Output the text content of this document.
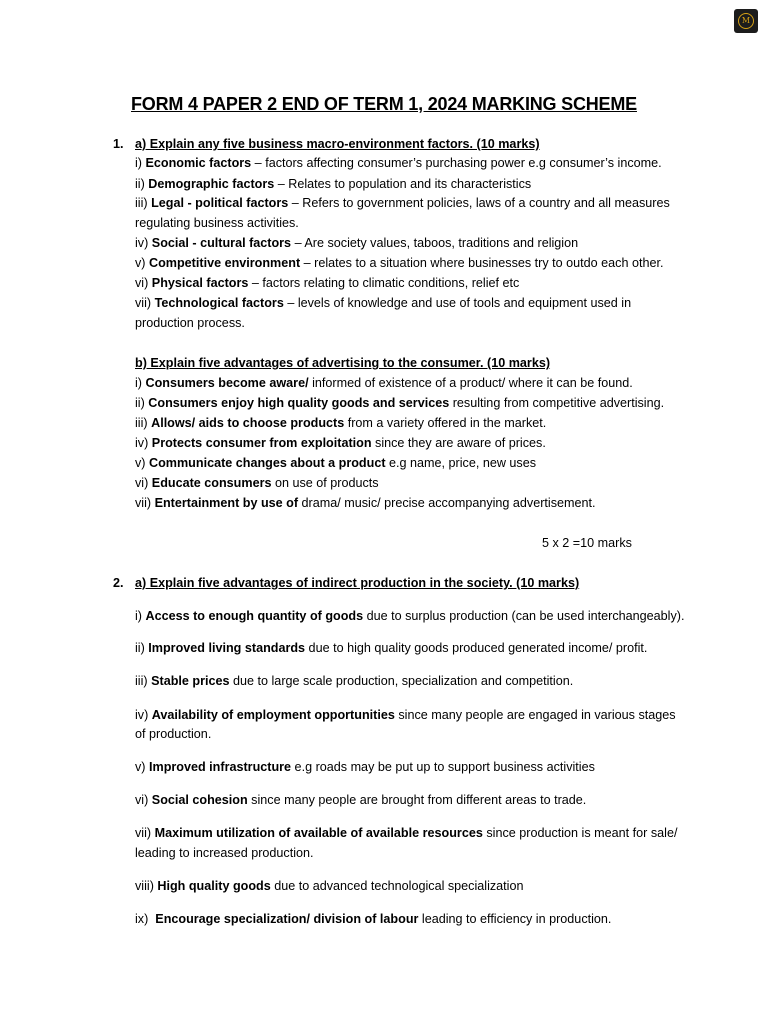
M
FORM 4 PAPER 2 END OF TERM 1, 2024 MARKING SCHEME
1. a) Explain any five business macro-environment factors. (10 marks)
i) Economic factors – factors affecting consumer’s purchasing power e.g consumer’s income.
ii) Demographic factors – Relates to population and its characteristics
iii) Legal - political factors – Refers to government policies, laws of a country and all measures
regulating business activities.
iv) Social - cultural factors – Are society values, taboos, traditions and religion
v) Competitive environment – relates to a situation where businesses try to outdo each other.
vi) Physical factors – factors relating to climatic conditions, relief etc
vii) Technological factors – levels of knowledge and use of tools and equipment used in
production process.
b) Explain five advantages of advertising to the consumer. (10 marks)
i) Consumers become aware/ informed of existence of a product/ where it can be found.
ii) Consumers enjoy high quality goods and services resulting from competitive advertising.
iii) Allows/ aids to choose products from a variety offered in the market.
iv) Protects consumer from exploitation since they are aware of prices.
v) Communicate changes about a product e.g name, price, new uses
vi) Educate consumers on use of products
vii) Entertainment by use of drama/ music/ precise accompanying advertisement.
5 x 2 =10 marks
2. a) Explain five advantages of indirect production in the society. (10 marks)
i) Access to enough quantity of goods due to surplus production (can be used interchangeably).
ii) Improved living standards due to high quality goods produced generated income/ profit.
iii) Stable prices due to large scale production, specialization and competition.
iv) Availability of employment opportunities since many people are engaged in various stages
of production.
v) Improved infrastructure e.g roads may be put up to support business activities
vi) Social cohesion since many people are brought from different areas to trade.
vii) Maximum utilization of available of available resources since production is meant for sale/
leading to increased production.
viii) High quality goods due to advanced technological specialization
ix)  Encourage specialization/ division of labour leading to efficiency in production.
